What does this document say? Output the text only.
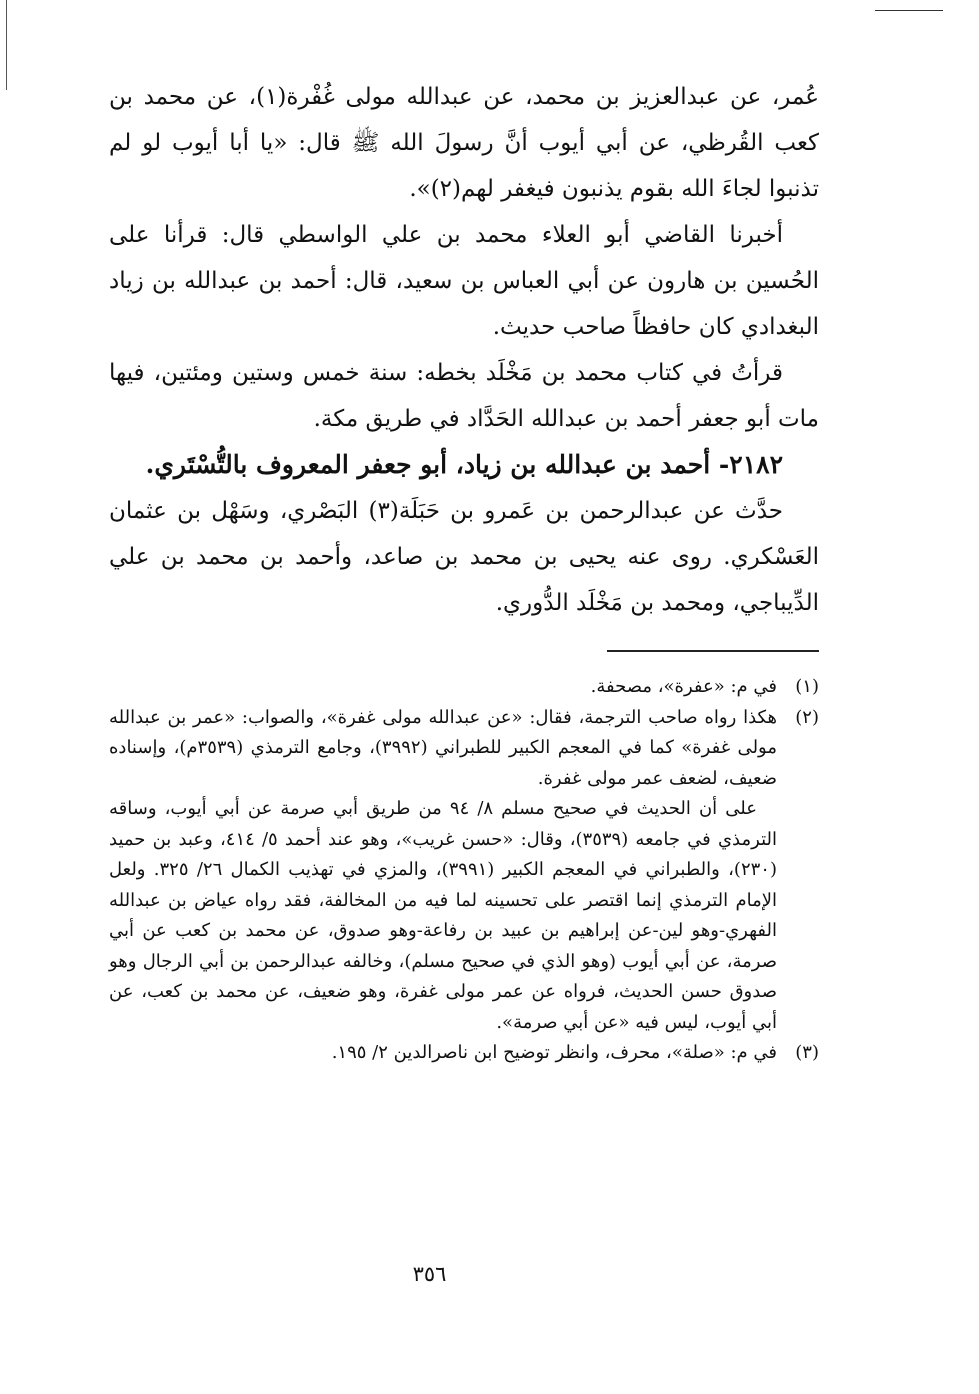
عُمر، عن عبدالعزيز بن محمد، عن عبدالله مولى غُفْرة(١)، عن محمد بن كعب القُرظي، عن أبي أيوب أنَّ رسولَ الله ﷺ قال: «يا أبا أيوب لو لم تذنبوا لجاءَ الله بقوم يذنبون فيغفر لهم(٢)».

أخبرنا القاضي أبو العلاء محمد بن علي الواسطي قال: قرأنا على الحُسين بن هارون عن أبي العباس بن سعيد، قال: أحمد بن عبدالله بن زياد البغدادي كان حافظاً صاحب حديث.

قرأتُ في كتاب محمد بن مَخْلَد بخطه: سنة خمس وستين ومئتين، فيها مات أبو جعفر أحمد بن عبدالله الحَدَّاد في طريق مكة.

٢١٨٢- أحمد بن عبدالله بن زياد، أبو جعفر المعروف بالتُّسْتَري.

حدَّث عن عبدالرحمن بن عَمرو بن حَبَلَة(٣) البَصْري، وسَهْل بن عثمان العَسْكري. روى عنه يحيى بن محمد بن صاعد، وأحمد بن محمد بن علي الدِّيباجي، ومحمد بن مَخْلَد الدُّوري.

(١)

في م: «عفرة»، مصحفة.

(٢)

هكذا رواه صاحب الترجمة، فقال: «عن عبدالله مولى غفرة»، والصواب: «عمر بن عبدالله مولى غفرة» كما في المعجم الكبير للطبراني (٣٩٩٢)، وجامع الترمذي (٣٥٣٩م)، وإسناده ضعيف، لضعف عمر مولى غفرة.

على أن الحديث في صحيح مسلم ٨/ ٩٤ من طريق أبي صرمة عن أبي أيوب، وساقه الترمذي في جامعه (٣٥٣٩)، وقال: «حسن غريب»، وهو عند أحمد ٥/ ٤١٤، وعبد بن حميد (٢٣٠)، والطبراني في المعجم الكبير (٣٩٩١)، والمزي في تهذيب الكمال ٢٦/ ٣٢٥. ولعل الإمام الترمذي إنما اقتصر على تحسينه لما فيه من المخالفة، فقد رواه عياض بن عبدالله الفهري-وهو لين-عن إبراهيم بن عبيد بن رفاعة-وهو صدوق، عن محمد بن كعب عن أبي صرمة، عن أبي أيوب (وهو الذي في صحيح مسلم)، وخالفه عبدالرحمن بن أبي الرجال وهو صدوق حسن الحديث، فرواه عن عمر مولى غفرة، وهو ضعيف، عن محمد بن كعب، عن أبي أيوب، ليس فيه «عن أبي صرمة».

(٣)

في م: «صلة»، محرف، وانظر توضيح ابن ناصرالدين ٢/ ١٩٥.

٣٥٦
